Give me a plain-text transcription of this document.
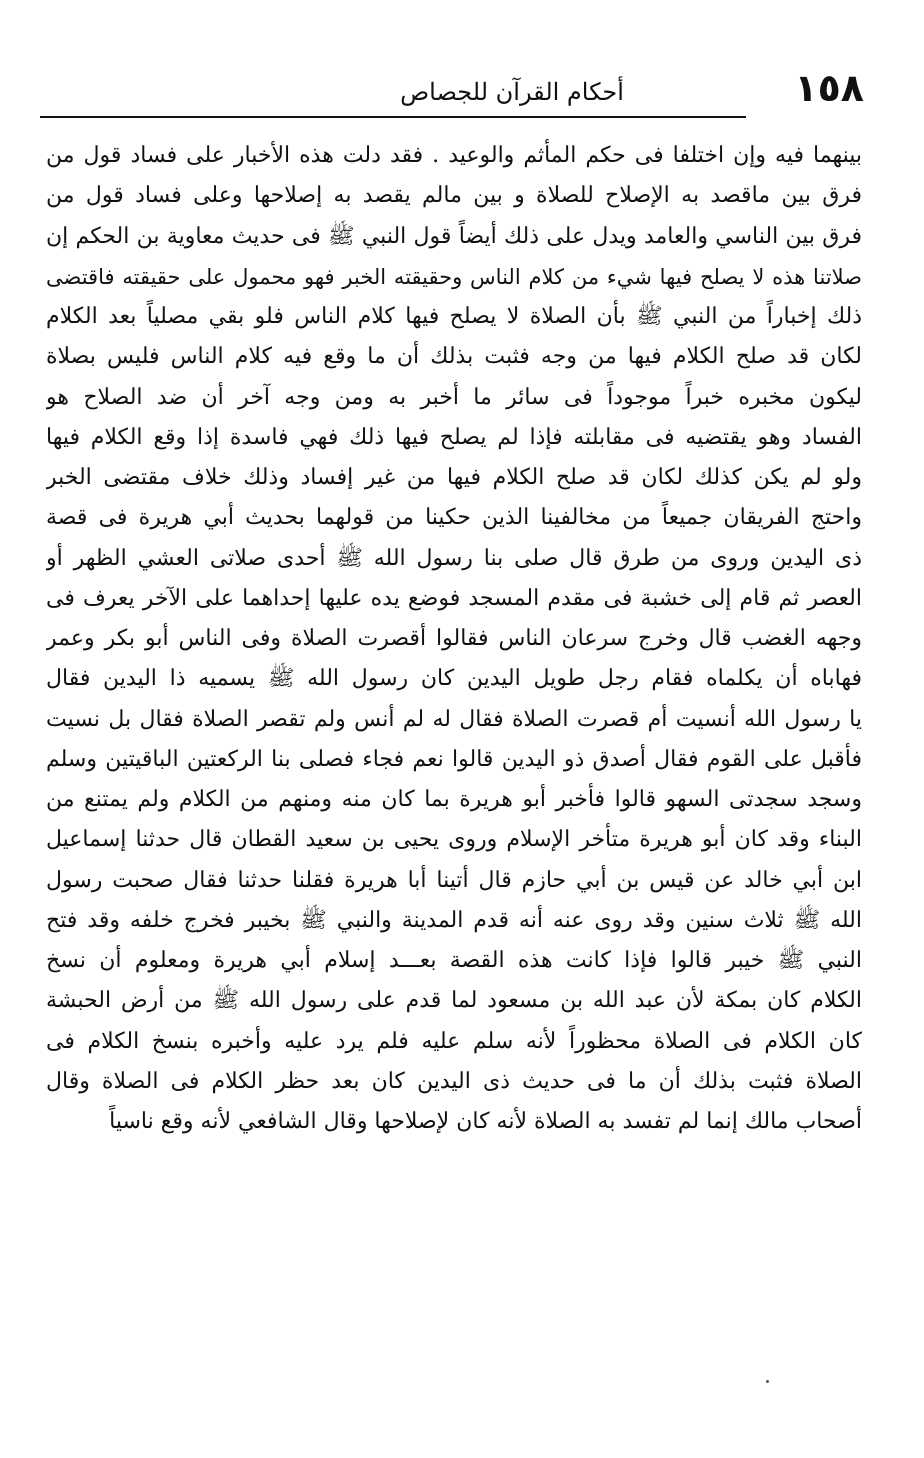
١٥٨
أحكام القرآن للجصاص
بينهما فيه وإن اختلفا فى حكم المأثم والوعيد . فقد دلت هذه الأخبار على فساد قول من
فرق بين ماقصد به الإصلاح للصلاة و بين مالم يقصد به إصلاحها وعلى فساد قول من
فرق بين الناسي والعامد ويدل على ذلك أيضاً قول النبي ﷺ فى حديث معاوية بن الحكم إن
صلاتنا هذه لا يصلح فيها شيء من كلام الناس وحقيقته الخبر فهو محمول على حقيقته فاقتضى
ذلك إخباراً من النبي ﷺ بأن الصلاة لا يصلح فيها كلام الناس فلو بقي مصلياً بعد الكلام
لكان قد صلح الكلام فيها من وجه فثبت بذلك أن ما وقع فيه كلام الناس فليس بصلاة
ليكون مخبره خبراً موجوداً فى سائر ما أخبر به ومن وجه آخر أن ضد الصلاح هو
الفساد وهو يقتضيه فى مقابلته فإذا لم يصلح فيها ذلك فهي فاسدة إذا وقع الكلام فيها
ولو لم يكن كذلك لكان قد صلح الكلام فيها من غير إفساد وذلك خلاف مقتضى الخبر
واحتج الفريقان جميعاً من مخالفينا الذين حكينا من قولهما بحديث أبي هريرة فى قصة
ذى اليدين وروى من طرق قال صلى بنا رسول الله ﷺ أحدى صلاتى العشي الظهر أو
العصر ثم قام إلى خشبة فى مقدم المسجد فوضع يده عليها إحداهما على الآخر يعرف فى
وجهه الغضب قال وخرج سرعان الناس فقالوا أقصرت الصلاة وفى الناس أبو بكر وعمر
فهاباه أن يكلماه فقام رجل طويل اليدين كان رسول الله ﷺ يسميه ذا اليدين فقال
يا رسول الله أنسيت أم قصرت الصلاة فقال له لم أنس ولم تقصر الصلاة فقال بل نسيت
فأقبل على القوم فقال أصدق ذو اليدين قالوا نعم فجاء فصلى بنا الركعتين الباقيتين وسلم
وسجد سجدتى السهو قالوا فأخبر أبو هريرة بما كان منه ومنهم من الكلام ولم يمتنع من
البناء وقد كان أبو هريرة متأخر الإسلام وروى يحيى بن سعيد القطان قال حدثنا إسماعيل
ابن أبي خالد عن قيس بن أبي حازم قال أتينا أبا هريرة فقلنا حدثنا فقال صحبت رسول
الله ﷺ ثلاث سنين وقد روى عنه أنه قدم المدينة والنبي ﷺ بخيبر فخرج خلفه وقد فتح
النبي ﷺ خيبر قالوا فإذا كانت هذه القصة بعـــد إسلام أبي هريرة ومعلوم أن نسخ
الكلام كان بمكة لأن عبد الله بن مسعود لما قدم على رسول الله ﷺ من أرض الحبشة
كان الكلام فى الصلاة محظوراً لأنه سلم عليه فلم يرد عليه وأخبره بنسخ الكلام فى
الصلاة فثبت بذلك أن ما فى حديث ذى اليدين كان بعد حظر الكلام فى الصلاة وقال
أصحاب مالك إنما لم تفسد به الصلاة لأنه كان لإصلاحها وقال الشافعي لأنه وقع ناسياً
